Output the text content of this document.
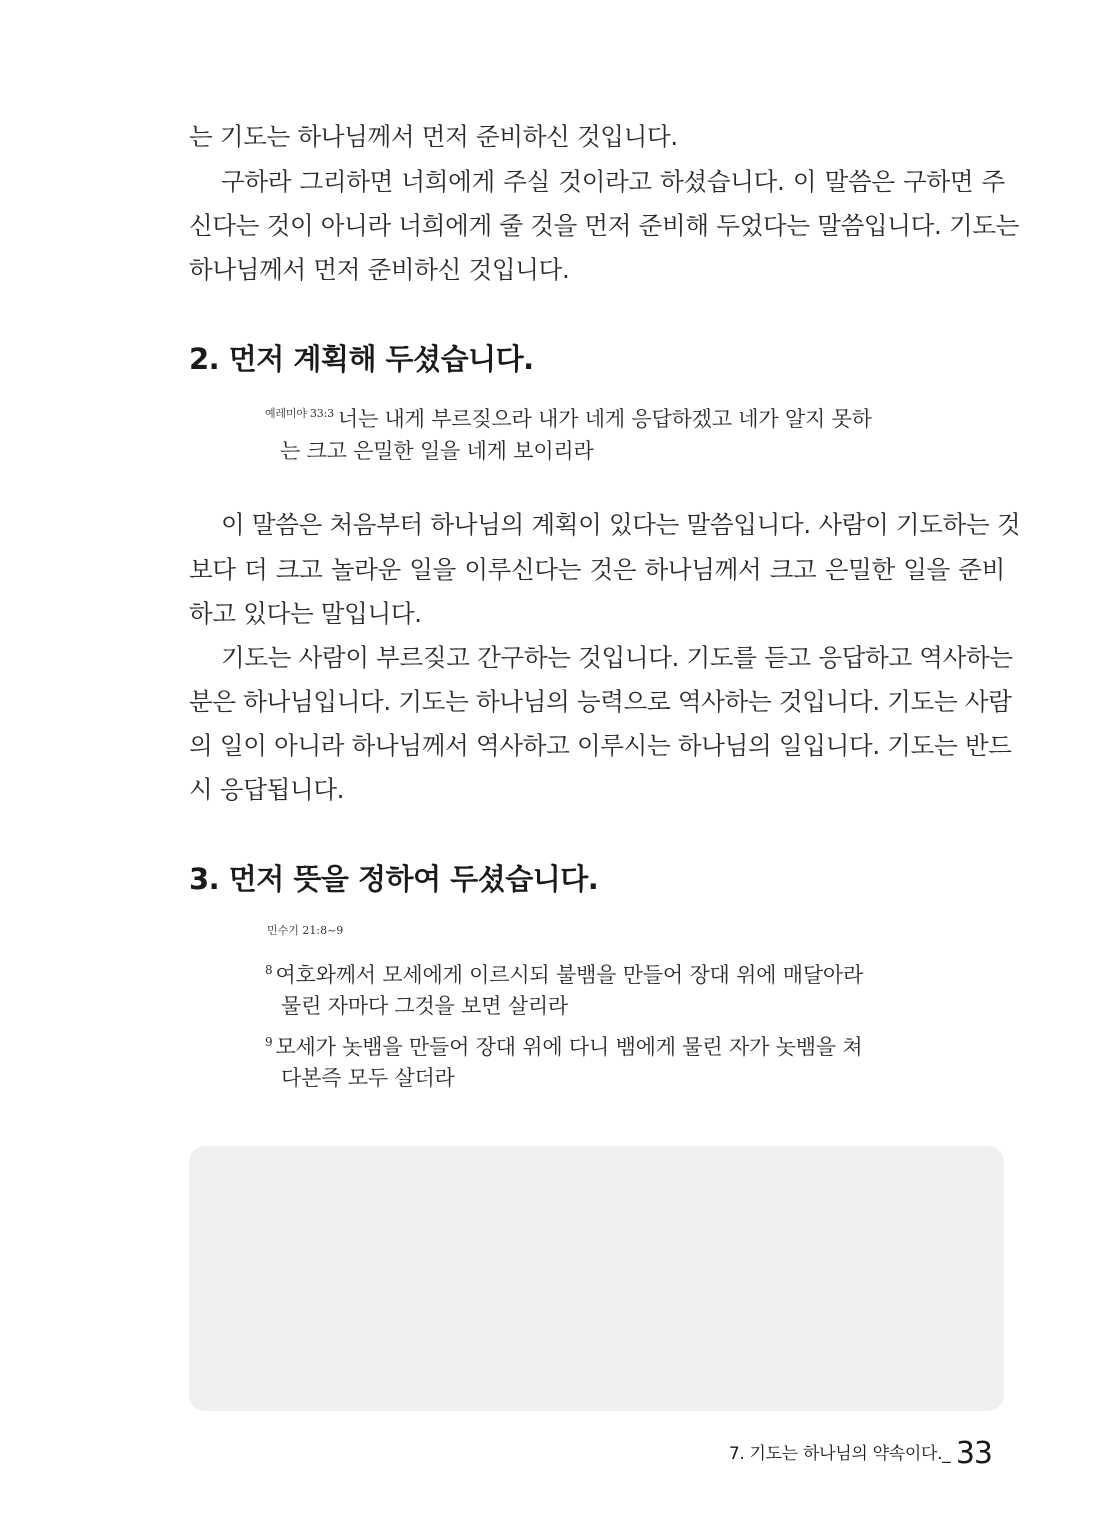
는 기도는 하나님께서 먼저 준비하신 것입니다.
구하라 그리하면 너희에게 주실 것이라고 하셨습니다. 이 말씀은 구하면 주
신다는 것이 아니라 너희에게 줄 것을 먼저 준비해 두었다는 말씀입니다. 기도는
하나님께서 먼저 준비하신 것입니다.
2. 먼저 계획해 두셨습니다.
$^{예레미야 33:3}$ 너는 내게 부르짖으라 내가 네게 응답하겠고 네가 알지 못하
는 크고 은밀한 일을 네게 보이리라
이 말씀은 처음부터 하나님의 계획이 있다는 말씀입니다. 사람이 기도하는 것
보다 더 크고 놀라운 일을 이루신다는 것은 하나님께서 크고 은밀한 일을 준비
하고 있다는 말입니다.
기도는 사람이 부르짖고 간구하는 것입니다. 기도를 듣고 응답하고 역사하는
분은 하나님입니다. 기도는 하나님의 능력으로 역사하는 것입니다. 기도는 사람
의 일이 아니라 하나님께서 역사하고 이루시는 하나님의 일입니다. 기도는 반드
시 응답됩니다.
3. 먼저 뜻을 정하여 두셨습니다.
민수기 21:8~9
$^8$ 여호와께서 모세에게 이르시되 불뱀을 만들어 장대 위에 매달아라
물린 자마다 그것을 보면 살리라
$^9$ 모세가 놋뱀을 만들어 장대 위에 다니 뱀에게 물린 자가 놋뱀을 쳐
다본즉 모두 살더라
7. 기도는 하나님의 약속이다._ 33
